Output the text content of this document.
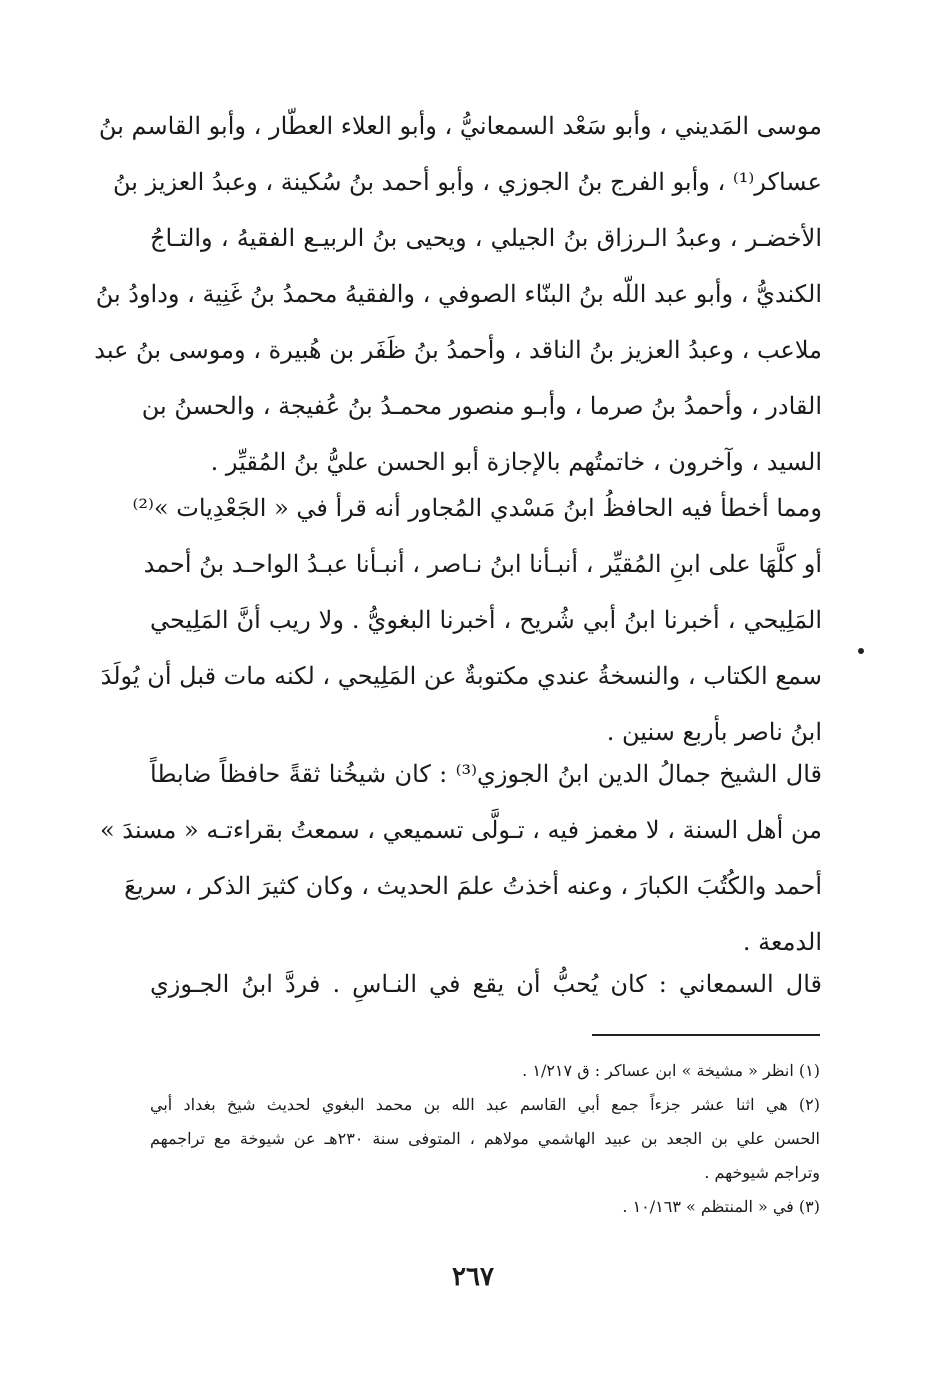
موسى المَديني ، وأبو سَعْد السمعانيُّ ، وأبو العلاء العطّار ، وأبو القاسم بنُ
عساكر⁽¹⁾ ، وأبو الفرج بنُ الجوزي ، وأبو أحمد بنُ سُكينة ، وعبدُ العزيز بنُ
الأخضـر ، وعبدُ الـرزاق بنُ الجيلي ، ويحيى بنُ الربيـع الفقيهُ ، والتـاجُ
الكنديُّ ، وأبو عبد اللّه بنُ البنّاء الصوفي ، والفقيهُ محمدُ بنُ غَنِية ، وداودُ بنُ
ملاعب ، وعبدُ العزيز بنُ الناقد ، وأحمدُ بنُ ظَفَر بن هُبيرة ، وموسى بنُ عبد
القادر ، وأحمدُ بنُ صرما ، وأبـو منصور محمـدُ بنُ عُفيجة ، والحسنُ بن
السيد ، وآخرون ، خاتمتُهم بالإجازة أبو الحسن عليُّ بنُ المُقيِّر .
ومما أخطأ فيه الحافظُ ابنُ مَسْدي المُجاور أنه قرأ في « الجَعْدِيات »⁽²⁾
أو كلَّهَا على ابنِ المُقيِّر ، أنبـأنا ابنُ نـاصر ، أنبـأنا عبـدُ الواحـد بنُ أحمد
المَلِيحي ، أخبرنا ابنُ أبي شُريح ، أخبرنا البغويُّ . ولا ريب أنَّ المَلِيحي
سمع الكتاب ، والنسخةُ عندي مكتوبةٌ عن المَلِيحي ، لكنه مات قبل أن يُولَدَ
ابنُ ناصر بأربع سنين .
قال الشيخ جمالُ الدين ابنُ الجوزي⁽³⁾ : كان شيخُنا ثقةً حافظاً ضابطاً
من أهل السنة ، لا مغمز فيه ، تـولَّى تسميعي ، سمعتُ بقراءتـه « مسندَ »
أحمد والكُتُبَ الكبارَ ، وعنه أخذتُ علمَ الحديث ، وكان كثيرَ الذكر ، سريعَ
الدمعة .
قال السمعاني : كان يُحبُّ أن يقع في النـاسِ . فردَّ ابنُ الجـوزي
(١) انظر « مشيخة » ابن عساكر : ق ١/٢١٧ .
(٢) هي اثنا عشر جزءاً جمع أبي القاسم عبد الله بن محمد البغوي لحديث شيخ بغداد أبي
الحسن علي بن الجعد بن عبيد الهاشمي مولاهم ، المتوفى سنة ٢٣٠هـ عن شيوخة مع تراجمهم
وتراجم شيوخهم .
(٣) في « المنتظم » ١٠/١٦٣ .
٢٦٧
